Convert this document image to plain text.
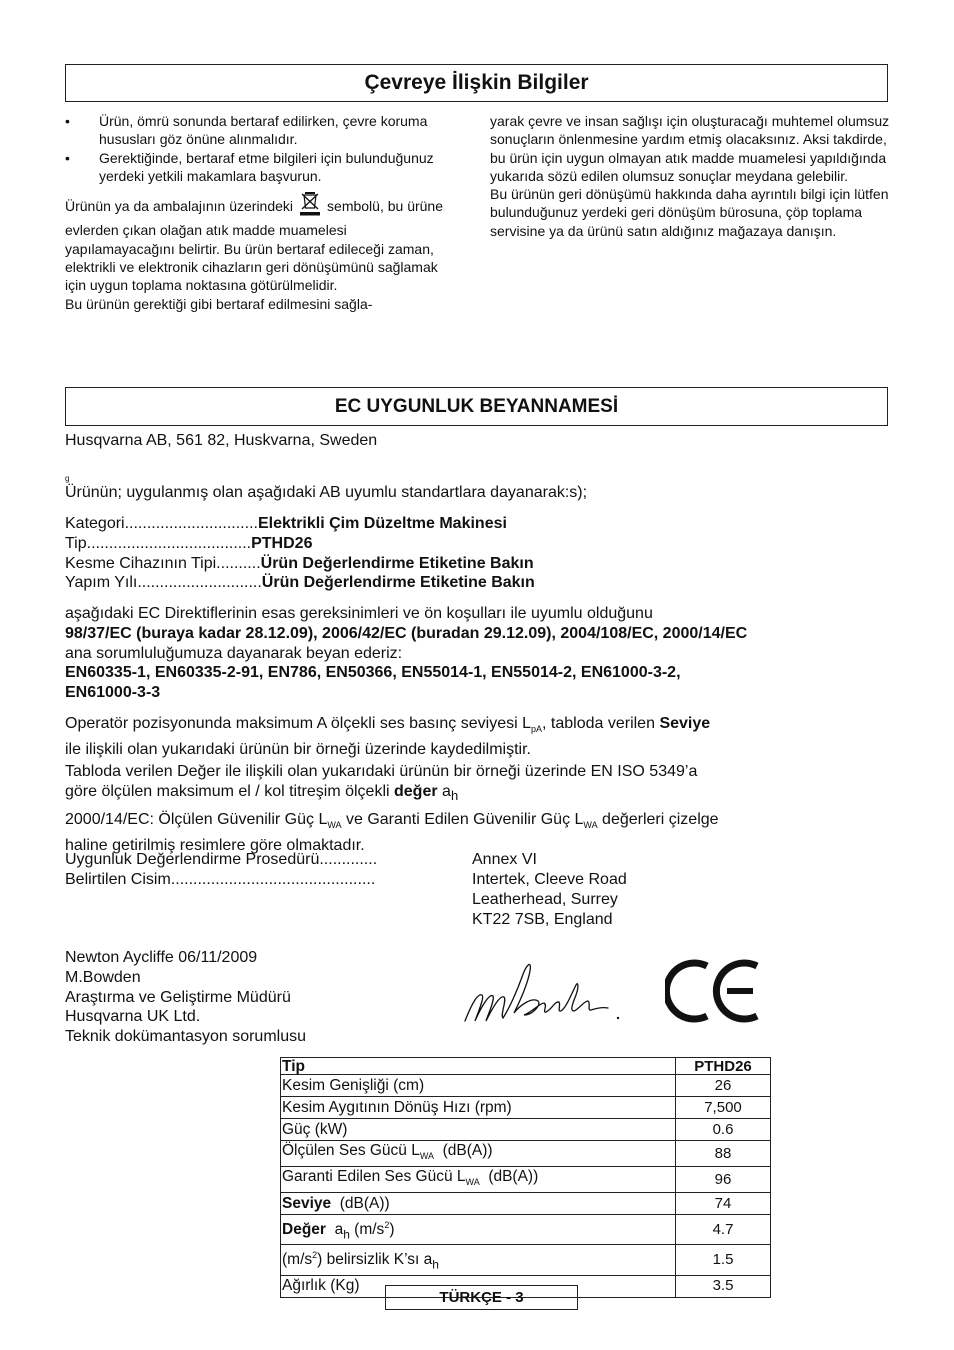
Çevreye İlişkin Bilgiler
• Ürün, ömrü sonunda bertaraf edilirken, çevre koruma hususları göz önüne alınmalıdır.
• Gerektiğinde, bertaraf etme bilgileri için bulunduğunuz yerdeki yetkili makamlara başvurun.
Ürünün ya da ambalajının üzerindeki sembolü, bu ürüne evlerden çıkan olağan atık madde muamelesi yapılamayacağını belirtir. Bu ürün bertaraf edileceği zaman, elektrikli ve elektronik cihazların geri dönüşümünü sağlamak için uygun toplama noktasına götürülmelidir.
Bu ürünün gerektiği gibi bertaraf edilmesini sağla-
yarak çevre ve insan sağlışı için oluşturacağı muhtemel olumsuz sonuçların önlenmesine yardım etmiş olacaksınız. Aksi takdirde, bu ürün için uygun olmayan atık madde muamelesi yapıldığında yukarıda sözü edilen olumsuz sonuçlar meydana gelebilir.
Bu ürünün geri dönüşümü hakkında daha ayrıntılı bilgi için lütfen bulunduğunuz yerdeki geri dönüşüm bürosuna, çöp toplama servisine ya da ürünü satın aldığınız mağazaya danışın.
EC UYGUNLUK BEYANNAMESİ
Husqvarna AB, 561 82, Huskvarna, Sweden
g
Ürünün; uygulanmış olan aşağıdaki AB uyumlu standartlara dayanarak:s);
Kategori.............................. Elektrikli Çim Düzeltme Makinesi
Tip..................................... PTHD26
Kesme Cihazının Tipi.......... Ürün Değerlendirme Etiketine Bakın
Yapım Yılı............................ Ürün Değerlendirme Etiketine Bakın
aşağıdaki EC Direktiflerinin esas gereksinimleri ve ön koşulları ile uyumlu olduğunu
98/37/EC (buraya kadar 28.12.09), 2006/42/EC (buradan 29.12.09), 2004/108/EC, 2000/14/EC
ana sorumluluğumuza dayanarak beyan ederiz:
EN60335-1, EN60335-2-91, EN786, EN50366, EN55014-1, EN55014-2, EN61000-3-2,
EN61000-3-3
Operatör pozisyonunda maksimum A ölçekli ses basınç seviyesi $L_{pA}$, tabloda verilen Seviye
ile ilişkili olan yukarıdaki ürünün bir örneği üzerinde kaydedilmiştir.
Tabloda verilen Değer ile ilişkili olan yukarıdaki ürünün bir örneği üzerinde EN ISO 5349’a
göre ölçülen maksimum el / kol titreşim ölçekli değer $a_h$
2000/14/EC: Ölçülen Güvenilir Güç $L_{WA}$ ve Garanti Edilen Güvenilir Güç $L_{WA}$ değerleri çizelge
haline getirilmiş resimlere göre olmaktadır.
Uygunluk Değerlendirme Prosedürü.............	Annex VI
Belirtilen Cisim..............................................	Intertek, Cleeve Road
Leatherhead, Surrey
KT22 7SB, England
Newton Aycliffe 06/11/2009
M.Bowden
Araştırma ve Geliştirme Müdürü
Husqvarna UK Ltd.
Teknik dokümantasyon sorumlusu
Tip	PTHD26
Kesim Genişliği (cm)	26
Kesim Aygıtının Dönüş Hızı (rpm)	7,500
Güç (kW)	0.6
Ölçülen Ses Gücü $L_{WA}$  (dB(A))	88
Garanti Edilen Ses Gücü $L_{WA}$  (dB(A))	96
Seviye  (dB(A))	74
Değer $a_h$ $(m/s^2)$	4.7
$(m/s^2)$ belirsizlik K’sı $a_h$	1.5
Ağırlık (Kg)	3.5
TÜRKÇE - 3
